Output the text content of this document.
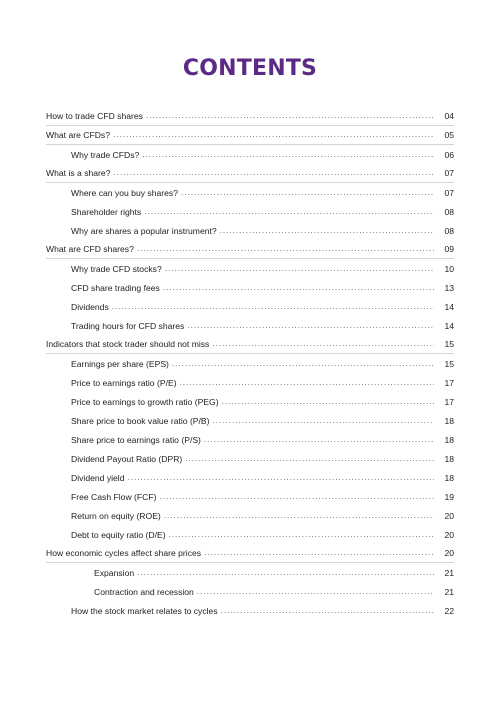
CONTENTS
How to trade CFD shares . . .	04
What are CFDs? . . .	05
Why trade CFDs? . . .	06
What is a share? . . .	07
Where can you buy shares? . . .	07
Shareholder rights . . .	08
Why are shares a popular instrument? . . .	08
What are CFD shares? . . .	09
Why trade CFD stocks? . . .	10
CFD share trading fees . . .	13
Dividends . . .	14
Trading hours for CFD shares . . .	14
Indicators that stock trader should not miss . . .	15
Earnings per share (EPS) . . .	15
Price to earnings ratio (P/E) . . .	17
Price to earnings to growth ratio (PEG) . . .	17
Share price to book value ratio (P/B) . . .	18
Share price to earnings ratio (P/S) . . .	18
Dividend Payout Ratio (DPR) . . .	18
Dividend yield . . .	18
Free Cash Flow (FCF) . . .	19
Return on equity (ROE) . . .	20
Debt to equity ratio (D/E) . . .	20
How economic cycles affect share prices . . .	20
Expansion . . .	21
Contraction and recession . . .	21
How the stock market relates to cycles . . .	22
